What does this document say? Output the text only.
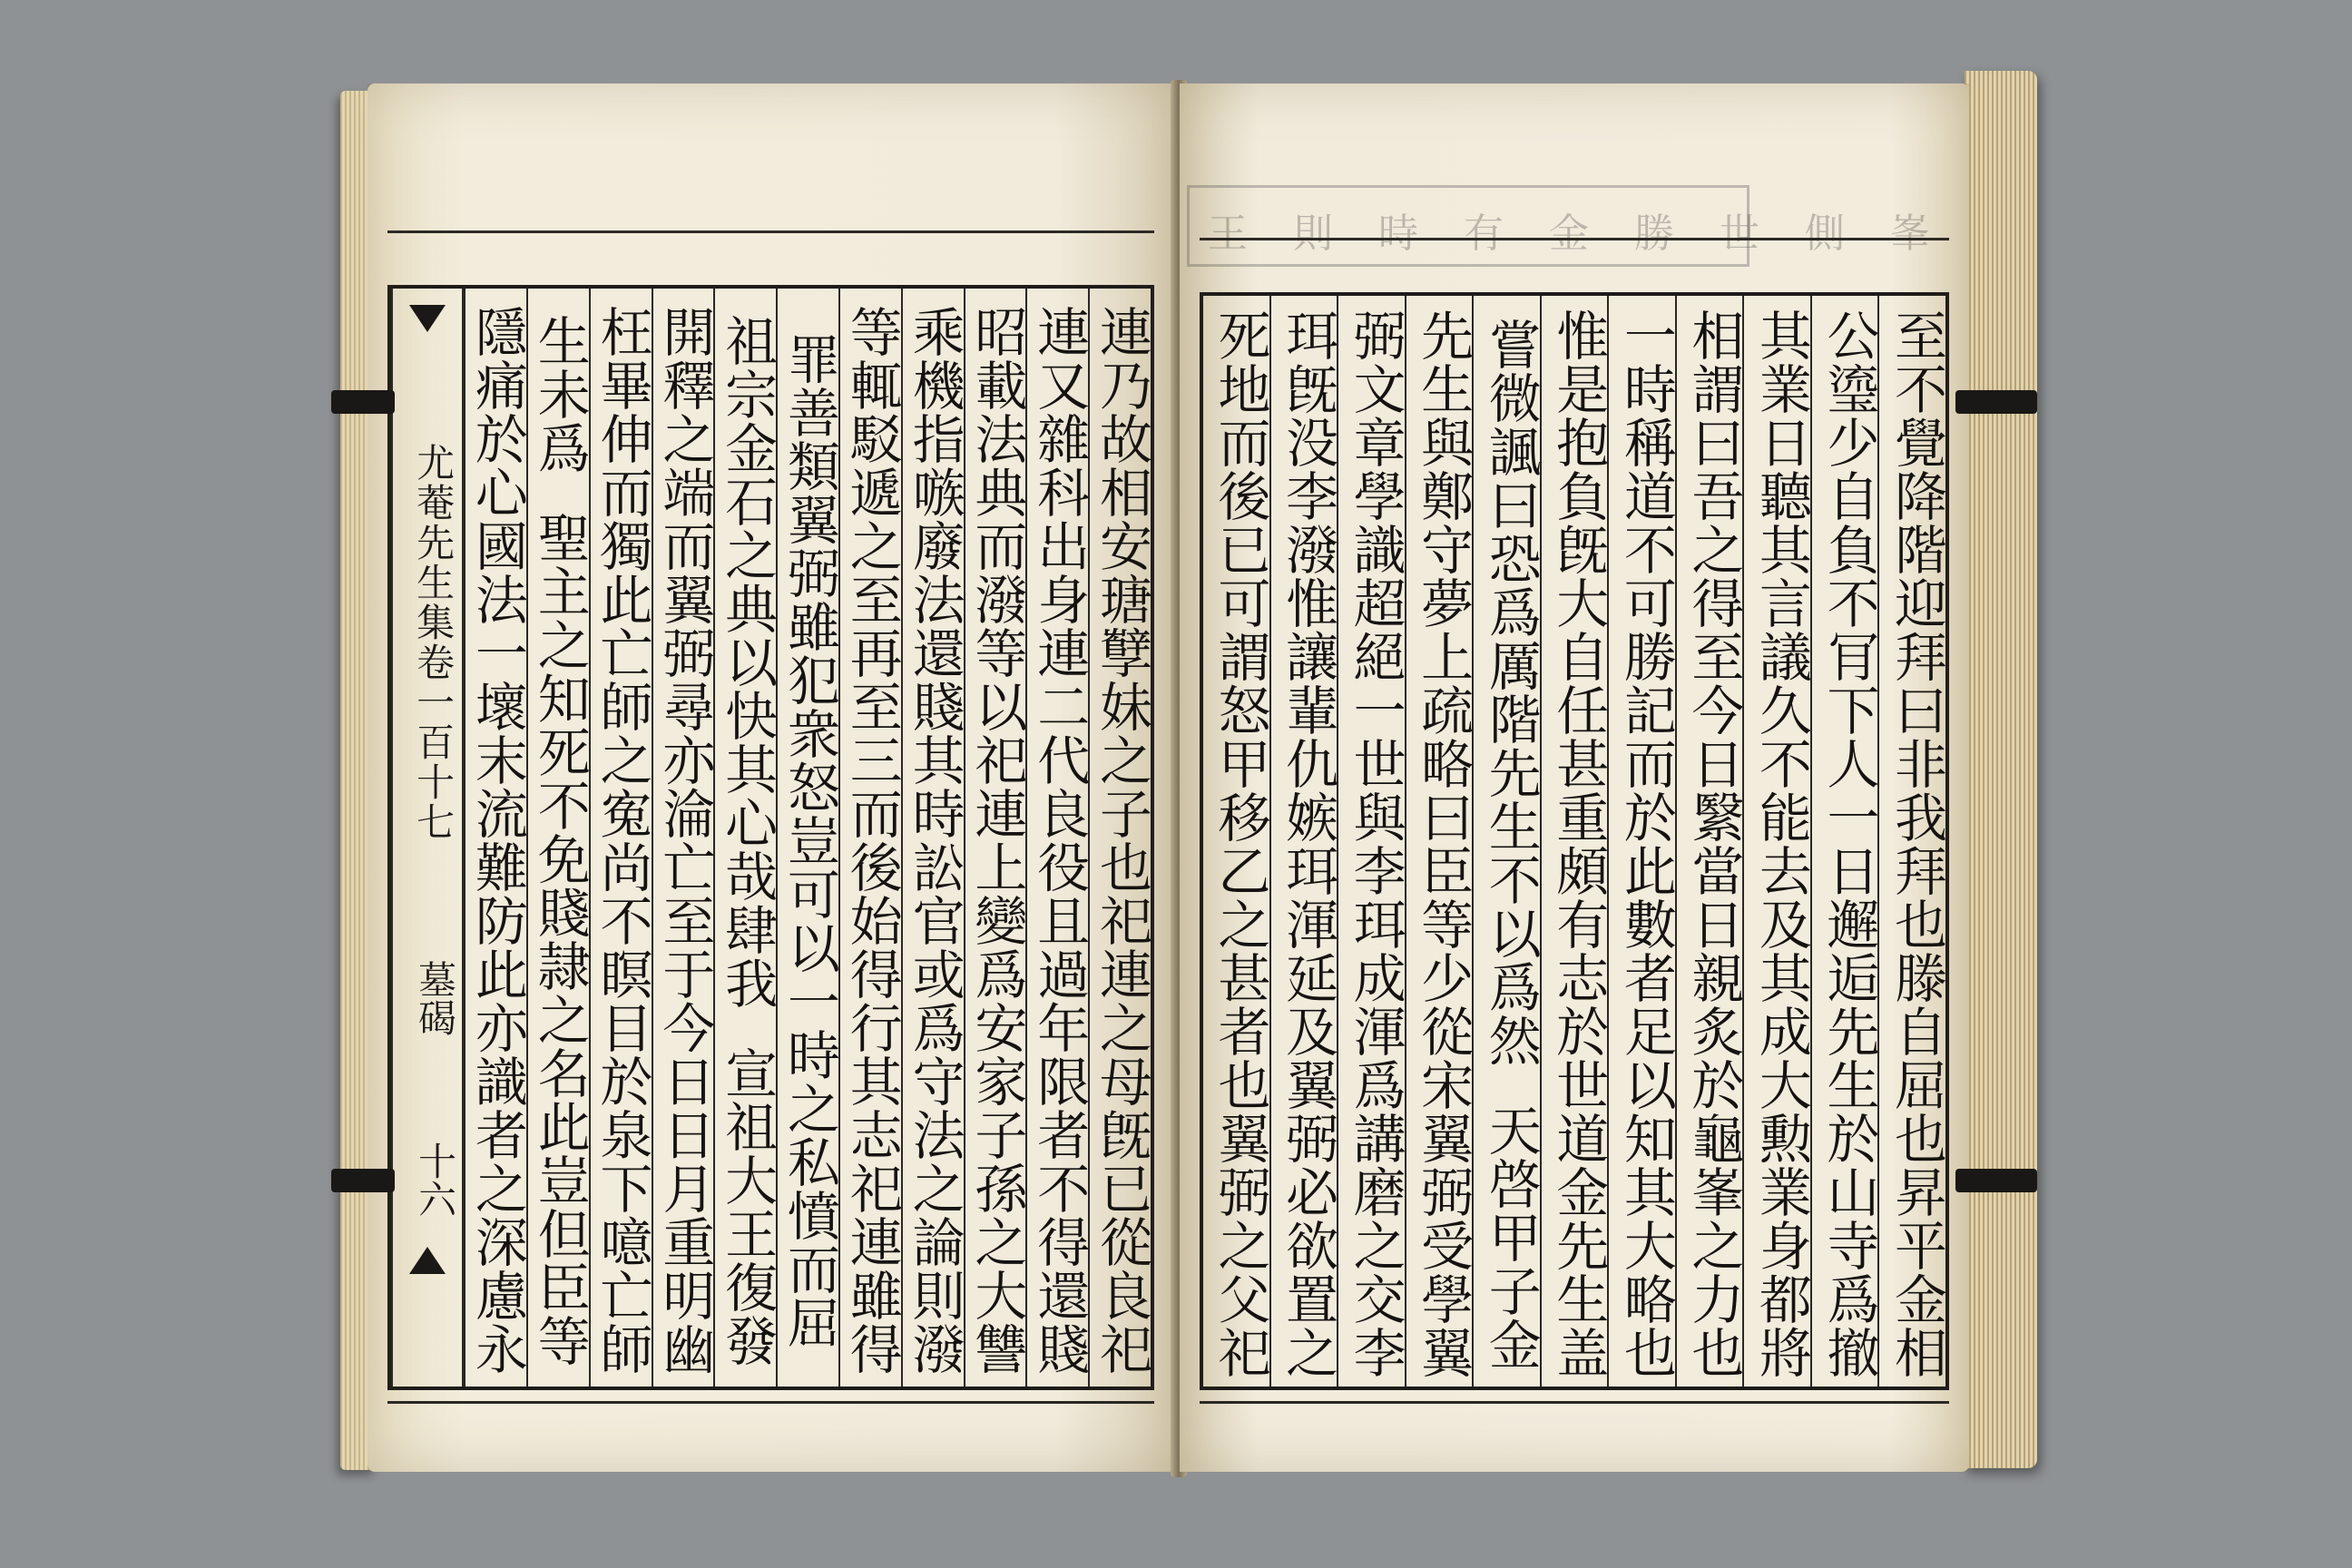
連乃故相安瑭孼妹之子也祀連之母旣已從良祀
連又雜科出身連二代良役且過年限者不得還賤
昭載法典而潑等以祀連上變爲安家子孫之大讐
乘機指嗾廢法還賤其時訟官或爲守法之論則潑
等輒駁遞之至再至三而後始得行其志祀連雖得
罪善類翼弼雖犯衆怒豈可以一時之私憤而屈
祖宗金石之典以快其心哉肆我
宣祖大王復發
開釋之端而翼弼尋亦淪亡至于今日日月重明幽
枉畢伸而獨此亡師之寃尚不瞑目於泉下噫亡師
生未爲
聖主之知死不免賤隷之名此豈但臣等
隱痛於心國法一壞末流難防此亦識者之深慮永
尤菴先生集卷一百十七
墓碣
十六
王 則 時 有 金 勝 世 側 峯
至不覺降階迎拜曰非我拜也滕自屈也昇平金相
公瑬少自負不肎下人一日邂逅先生於山寺爲撤
其業日聽其言議久不能去及其成大勲業身都將
相謂曰吾之得至今日繄當日親炙於龜峯之力也
一時稱道不可勝記而於此數者足以知其大略也
惟是抱負旣大自任甚重頗有志於世道金先生盖
嘗微諷曰恐爲厲階先生不以爲然
天啓甲子金
先生與鄭守夢上疏略曰臣等少從宋翼弼受學翼
弼文章學識超絕一世與李珥成渾爲講磨之交李
珥旣没李潑惟讓輩仇嫉珥渾延及翼弼必欲置之
死地而後已可謂怒甲移乙之甚者也翼弼之父祀
